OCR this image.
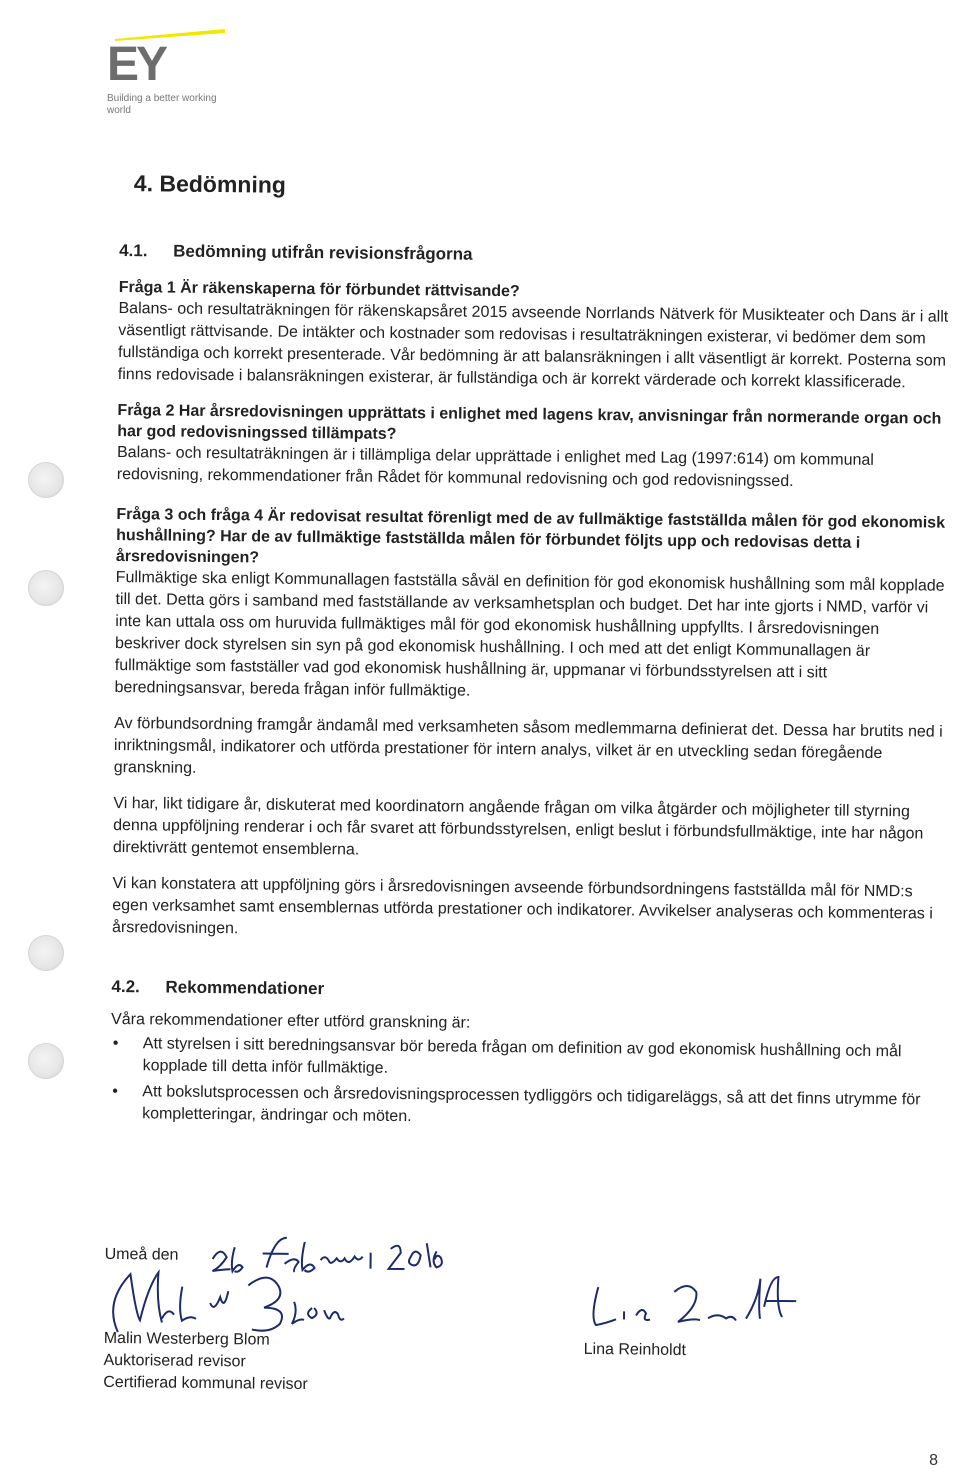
EY
Building a better working world
4. Bedömning
4.1. Bedömning utifrån revisionsfrågorna

Fråga 1 Är räkenskaperna för förbundet rättvisande?

Balans- och resultaträkningen för räkenskapsåret 2015 avseende Norrlands Nätverk för Musikteater och Dans är i allt väsentligt rättvisande. De intäkter och kostnader som redovisas i resultaträkningen existerar, vi bedömer dem som fullständiga och korrekt presenterade. Vår bedömning är att balansräkningen i allt väsentligt är korrekt. Posterna som finns redovisade i balansräkningen existerar, är fullständiga och är korrekt värderade och korrekt klassificerade.

Fråga 2 Har årsredovisningen upprättats i enlighet med lagens krav, anvisningar från normerande organ och har god redovisningssed tillämpats?

Balans- och resultaträkningen är i tillämpliga delar upprättade i enlighet med Lag (1997:614) om kommunal redovisning, rekommendationer från Rådet för kommunal redovisning och god redovisningssed.

Fråga 3 och fråga 4 Är redovisat resultat förenligt med de av fullmäktige fastställda målen för god ekonomisk hushållning? Har de av fullmäktige fastställda målen för förbundet följts upp och redovisas detta i årsredovisningen?

Fullmäktige ska enligt Kommunallagen fastställa såväl en definition för god ekonomisk hushållning som mål kopplade till det. Detta görs i samband med fastställande av verksamhetsplan och budget. Det har inte gjorts i NMD, varför vi inte kan uttala oss om huruvida fullmäktiges mål för god ekonomisk hushållning uppfyllts. I årsredovisningen beskriver dock styrelsen sin syn på god ekonomisk hushållning. I och med att det enligt Kommunallagen är fullmäktige som fastställer vad god ekonomisk hushållning är, uppmanar vi förbundsstyrelsen att i sitt beredningsansvar, bereda frågan inför fullmäktige.

Av förbundsordning framgår ändamål med verksamheten såsom medlemmarna definierat det. Dessa har brutits ned i inriktningsmål, indikatorer och utförda prestationer för intern analys, vilket är en utveckling sedan föregående granskning.

Vi har, likt tidigare år, diskuterat med koordinatorn angående frågan om vilka åtgärder och möjligheter till styrning denna uppföljning renderar i och får svaret att förbundsstyrelsen, enligt beslut i förbundsfullmäktige, inte har någon direktivrätt gentemot ensemblerna.

Vi kan konstatera att uppföljning görs i årsredovisningen avseende förbundsordningens fastställda mål för NMD:s egen verksamhet samt ensemblernas utförda prestationer och indikatorer. Avvikelser analyseras och kommenteras i årsredovisningen.

4.2. Rekommendationer

Våra rekommendationer efter utförd granskning är:

• Att styrelsen i sitt beredningsansvar bör bereda frågan om definition av god ekonomisk hushållning och mål kopplade till detta inför fullmäktige.
• Att bokslutsprocessen och årsredovisningsprocessen tydliggörs och tidigareläggs, så att det finns utrymme för kompletteringar, ändringar och möten.
Umeå den
Malin Westerberg Blom
Auktoriserad revisor
Certifierad kommunal revisor
Lina Reinholdt
8
